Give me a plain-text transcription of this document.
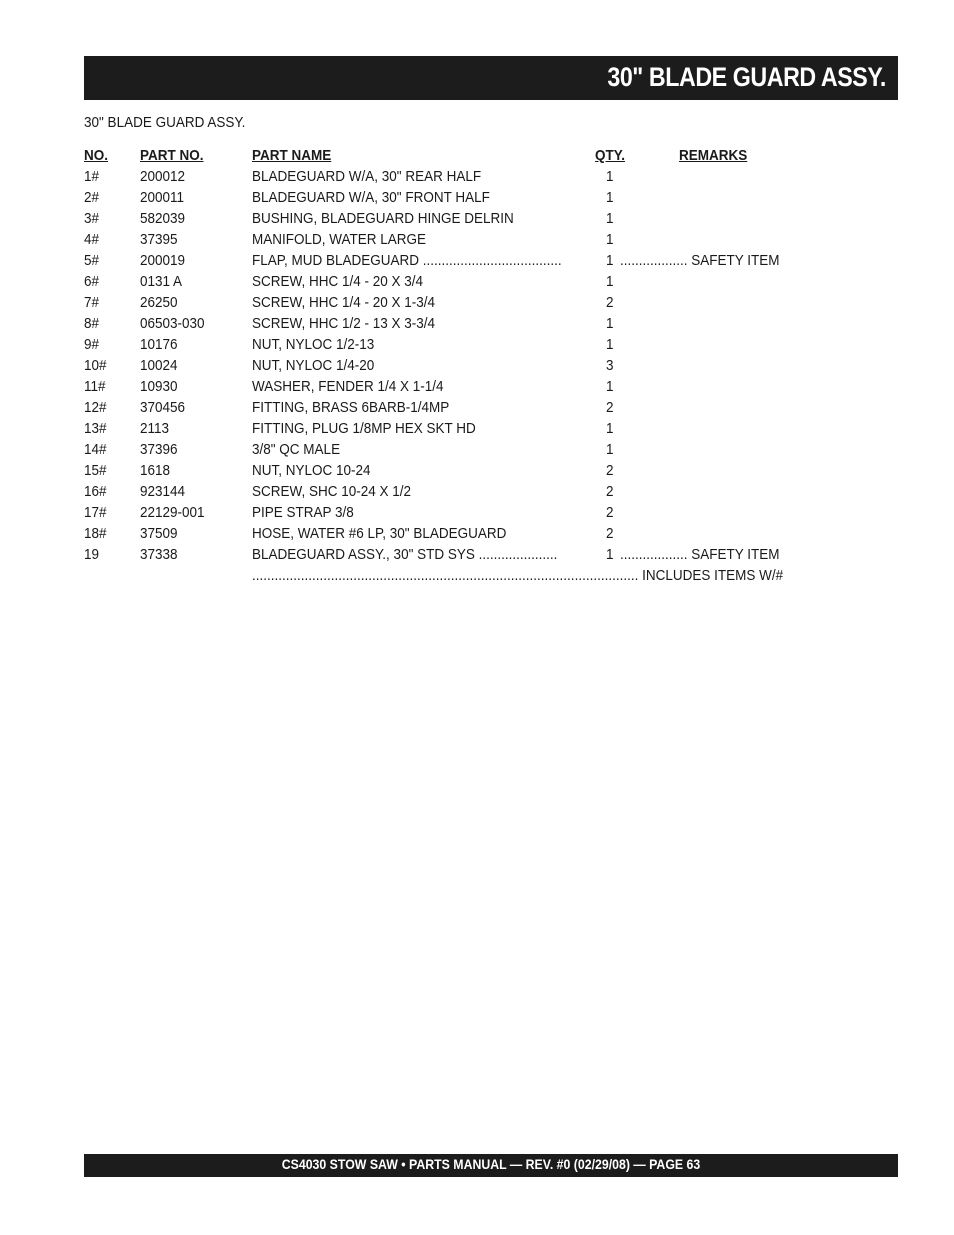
30" BLADE GUARD ASSY.
30" BLADE GUARD ASSY.
NO. PART NO.	PART NAME	QTY.	REMARKS
1#	200012	BLADEGUARD W/A, 30" REAR HALF	1
2#	200011	BLADEGUARD W/A, 30" FRONT HALF	1
3#	582039	BUSHING, BLADEGUARD HINGE DELRIN	1
4#	37395	MANIFOLD, WATER LARGE	1
5#	200019	FLAP, MUD BLADEGUARD .....................................	1 .................. SAFETY ITEM
6#	0131 A	SCREW, HHC 1/4 - 20 X 3/4	1
7#	26250	SCREW, HHC 1/4 - 20 X 1-3/4	2
8#	06503-030	SCREW, HHC 1/2 - 13 X 3-3/4	1
9#	10176	NUT, NYLOC 1/2-13	1
10# 10024	NUT, NYLOC 1/4-20	3
11# 10930	WASHER, FENDER 1/4 X 1-1/4	1
12# 370456	FITTING, BRASS 6BARB-1/4MP	2
13# 2113	FITTING, PLUG 1/8MP HEX SKT HD	1
14# 37396	3/8" QC MALE	1
15# 1618	NUT, NYLOC 10-24	2
16# 923144	SCREW, SHC 10-24 X 1/2	2
17# 22129-001	PIPE STRAP 3/8	2
18# 37509	HOSE, WATER #6 LP, 30" BLADEGUARD	2
19	37338	BLADEGUARD ASSY., 30" STD SYS .....................	1 .................. SAFETY ITEM
....................................................................................................... INCLUDES ITEMS W/#
CS4030 STOW SAW • PARTS MANUAL — REV. #0 (02/29/08) — PAGE 63
